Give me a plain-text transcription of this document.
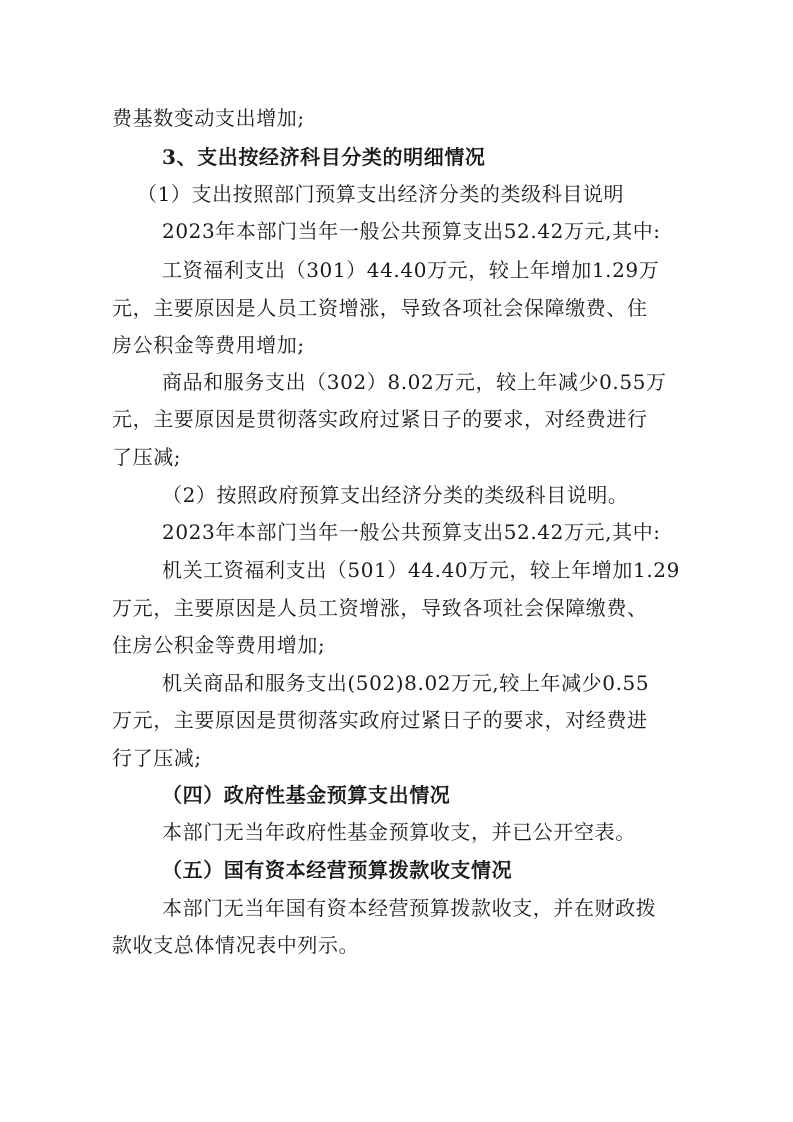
费基数变动支出增加;
3、支出按经济科目分类的明细情况
（1）支出按照部门预算支出经济分类的类级科目说明
2023年本部门当年一般公共预算支出52.42万元,其中:
工资福利支出（301）44.40万元，较上年增加1.29万
元，主要原因是人员工资增涨，导致各项社会保障缴费、住
房公积金等费用增加;
商品和服务支出（302）8.02万元，较上年减少0.55万
元，主要原因是贯彻落实政府过紧日子的要求，对经费进行
了压减;
（2）按照政府预算支出经济分类的类级科目说明。
2023年本部门当年一般公共预算支出52.42万元,其中:
机关工资福利支出（501）44.40万元，较上年增加1.29
万元，主要原因是人员工资增涨，导致各项社会保障缴费、
住房公积金等费用增加;
机关商品和服务支出(502)8.02万元,较上年减少0.55
万元，主要原因是贯彻落实政府过紧日子的要求，对经费进
行了压减;
（四）政府性基金预算支出情况
本部门无当年政府性基金预算收支，并已公开空表。
（五）国有资本经营预算拨款收支情况
本部门无当年国有资本经营预算拨款收支，并在财政拨
款收支总体情况表中列示。
